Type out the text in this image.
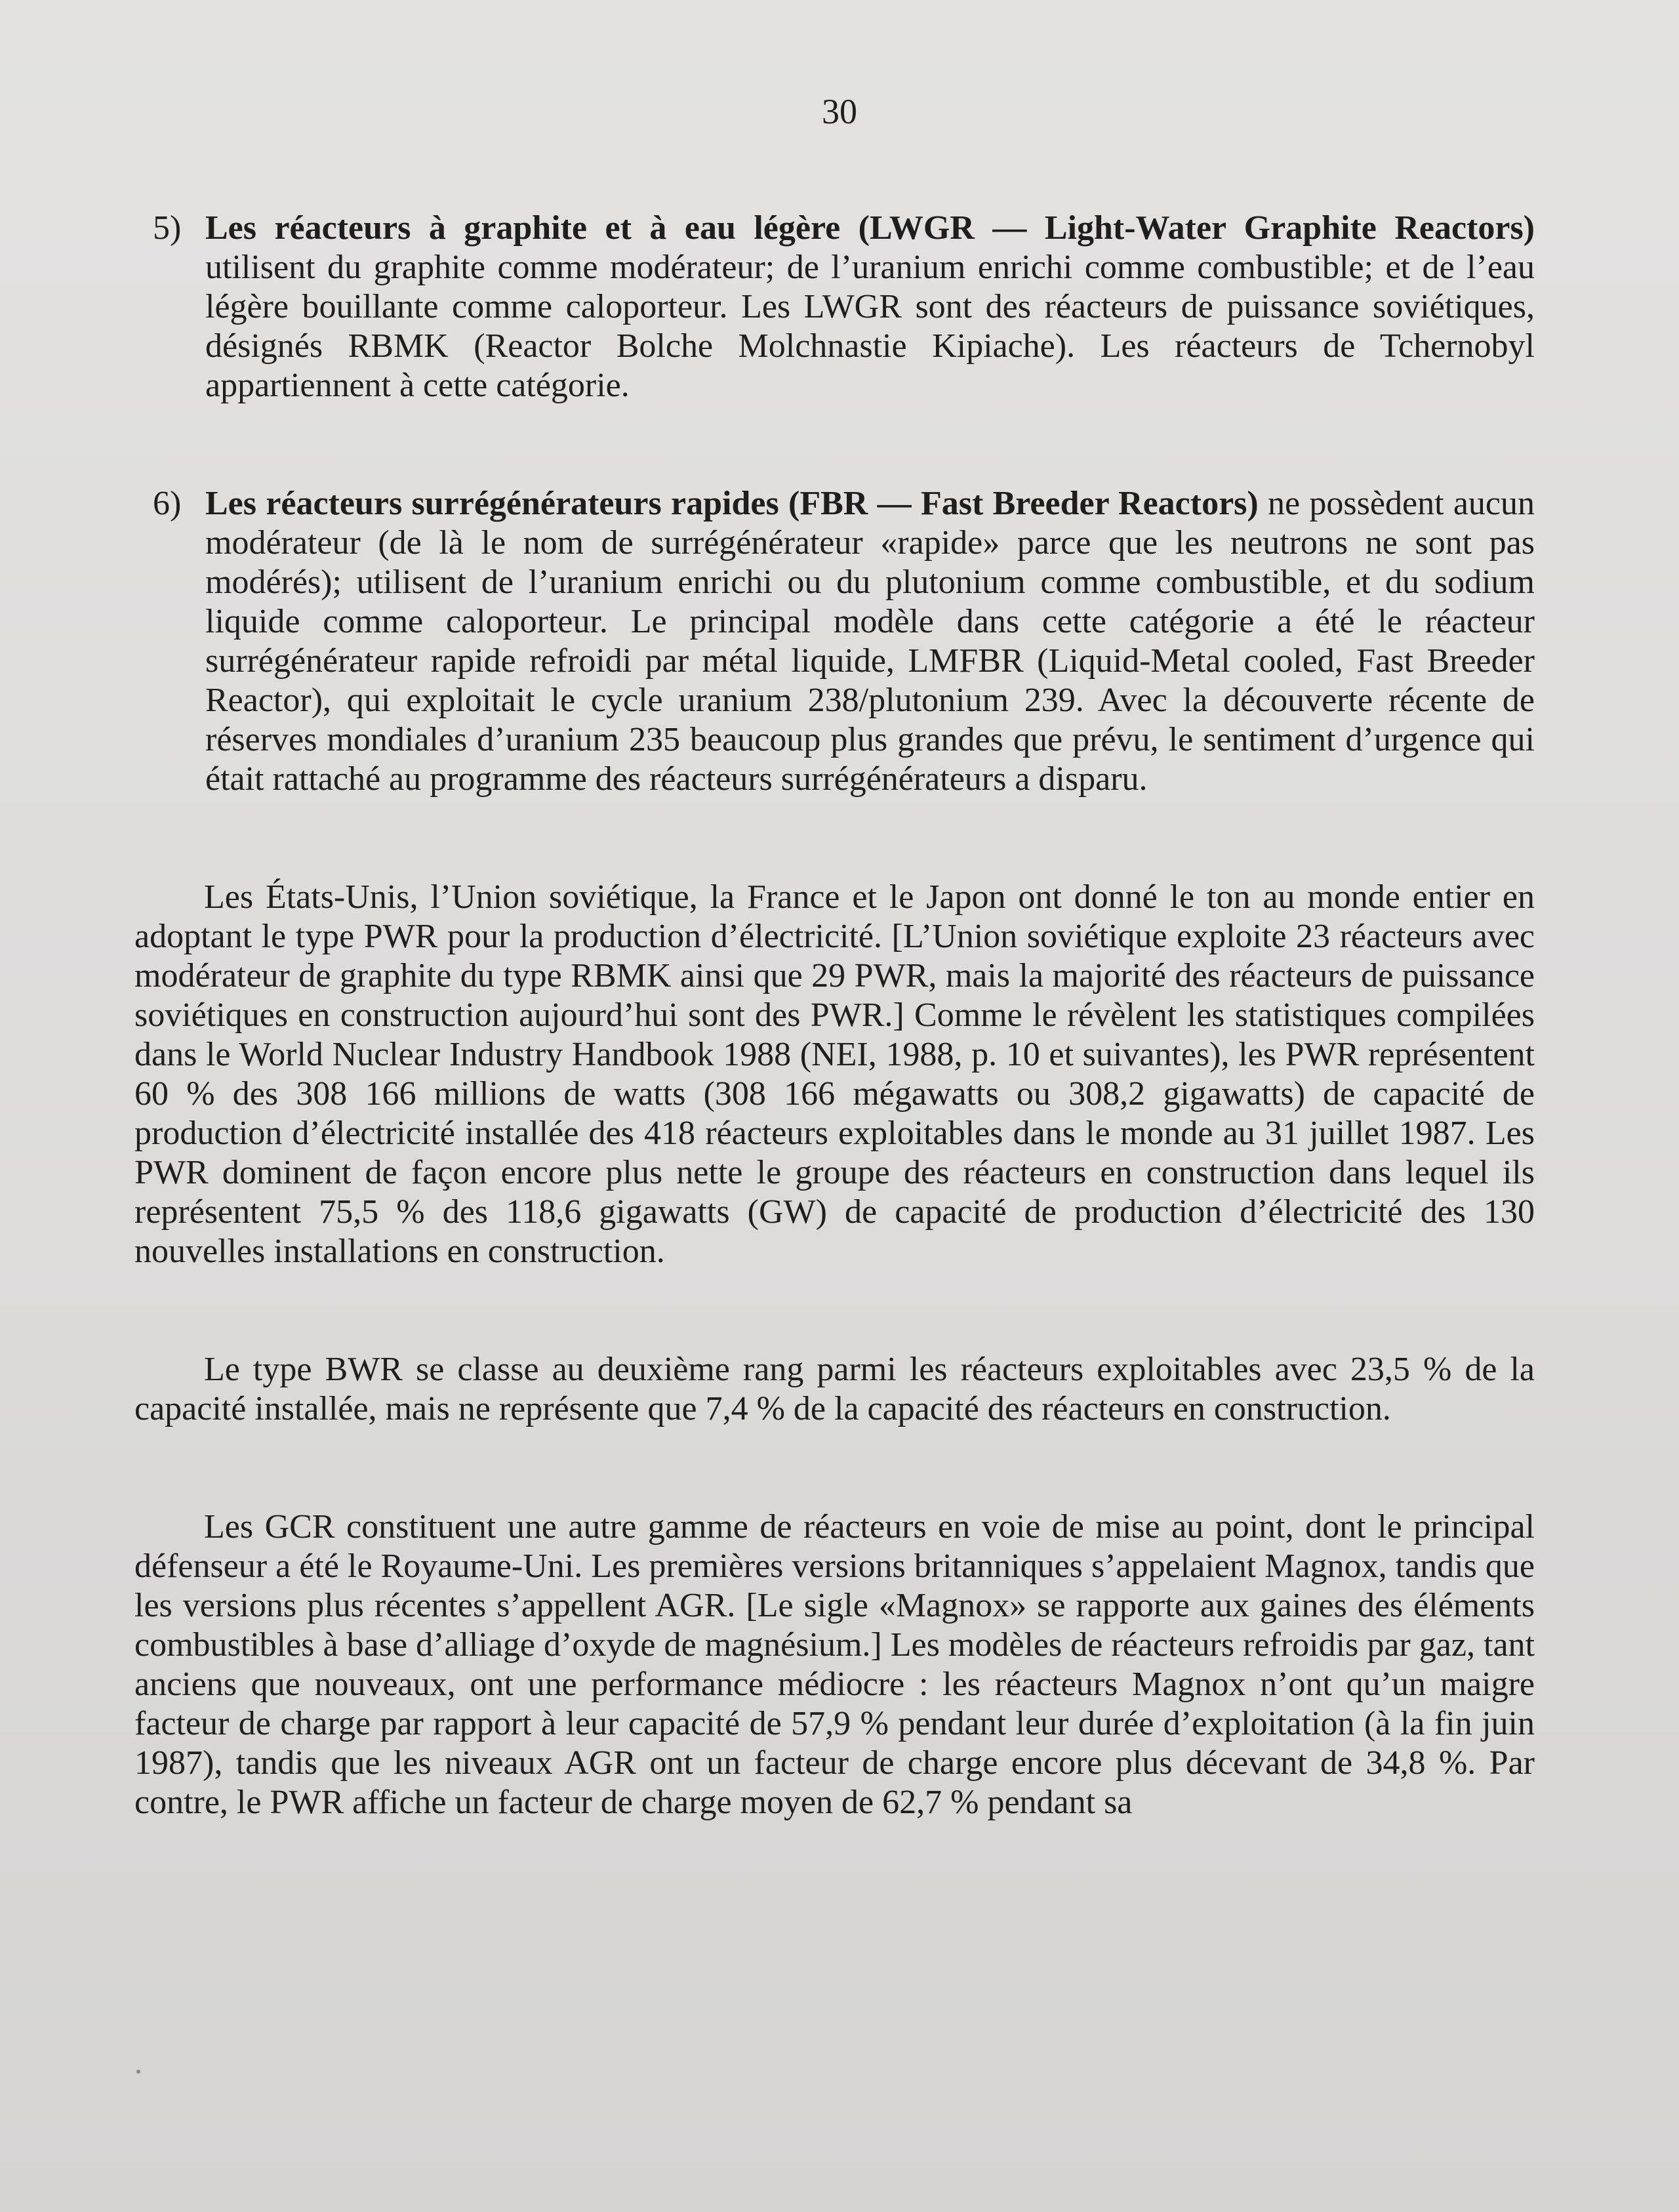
30

5) Les réacteurs à graphite et à eau légère (LWGR — Light-Water Graphite Reactors) utilisent du graphite comme modérateur; de l’uranium enrichi comme combustible; et de l’eau légère bouillante comme caloporteur. Les LWGR sont des réacteurs de puissance soviétiques, désignés RBMK (Reactor Bolche Molchnastie Kipiache). Les réacteurs de Tchernobyl appartiennent à cette catégorie.

6) Les réacteurs surrégénérateurs rapides (FBR — Fast Breeder Reactors) ne possèdent aucun modérateur (de là le nom de surrégénérateur «rapide» parce que les neutrons ne sont pas modérés); utilisent de l’uranium enrichi ou du plutonium comme combustible, et du sodium liquide comme caloporteur. Le principal modèle dans cette catégorie a été le réacteur surrégénérateur rapide refroidi par métal liquide, LMFBR (Liquid-Metal cooled, Fast Breeder Reactor), qui exploitait le cycle uranium 238/plutonium 239. Avec la découverte récente de réserves mondiales d’uranium 235 beaucoup plus grandes que prévu, le sentiment d’urgence qui était rattaché au programme des réacteurs surrégénérateurs a disparu.

Les États-Unis, l’Union soviétique, la France et le Japon ont donné le ton au monde entier en adoptant le type PWR pour la production d’électricité. [L’Union soviétique exploite 23 réacteurs avec modérateur de graphite du type RBMK ainsi que 29 PWR, mais la majorité des réacteurs de puissance soviétiques en construction aujourd’hui sont des PWR.] Comme le révèlent les statistiques compilées dans le World Nuclear Industry Handbook 1988 (NEI, 1988, p. 10 et suivantes), les PWR représentent 60 % des 308 166 millions de watts (308 166 mégawatts ou 308,2 gigawatts) de capacité de production d’électricité installée des 418 réacteurs exploitables dans le monde au 31 juillet 1987. Les PWR dominent de façon encore plus nette le groupe des réacteurs en construction dans lequel ils représentent 75,5 % des 118,6 gigawatts (GW) de capacité de production d’électricité des 130 nouvelles installations en construction.

Le type BWR se classe au deuxième rang parmi les réacteurs exploitables avec 23,5 % de la capacité installée, mais ne représente que 7,4 % de la capacité des réacteurs en construction.

Les GCR constituent une autre gamme de réacteurs en voie de mise au point, dont le principal défenseur a été le Royaume-Uni. Les premières versions britanniques s’appelaient Magnox, tandis que les versions plus récentes s’appellent AGR. [Le sigle «Magnox» se rapporte aux gaines des éléments combustibles à base d’alliage d’oxyde de magnésium.] Les modèles de réacteurs refroidis par gaz, tant anciens que nouveaux, ont une performance médiocre : les réacteurs Magnox n’ont qu’un maigre facteur de charge par rapport à leur capacité de 57,9 % pendant leur durée d’exploitation (à la fin juin 1987), tandis que les niveaux AGR ont un facteur de charge encore plus décevant de 34,8 %. Par contre, le PWR affiche un facteur de charge moyen de 62,7 % pendant sa
